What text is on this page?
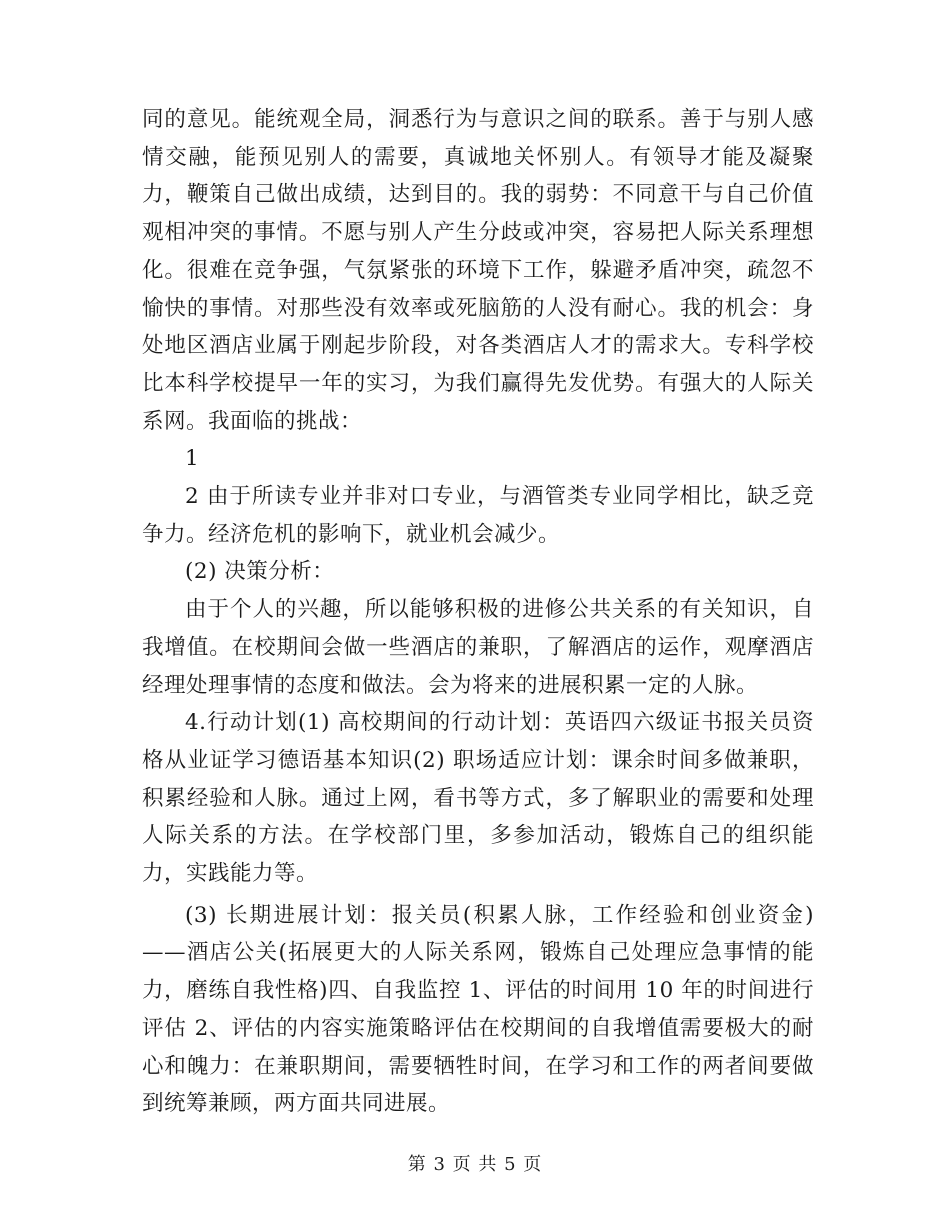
同的意见。能统观全局，洞悉行为与意识之间的联系。善于与别人感情交融，能预见别人的需要，真诚地关怀别人。有领导才能及凝聚力，鞭策自己做出成绩，达到目的。我的弱势：不同意干与自己价值观相冲突的事情。不愿与别人产生分歧或冲突，容易把人际关系理想化。很难在竞争强，气氛紧张的环境下工作，躲避矛盾冲突，疏忽不愉快的事情。对那些没有效率或死脑筋的人没有耐心。我的机会：身处地区酒店业属于刚起步阶段，对各类酒店人才的需求大。专科学校比本科学校提早一年的实习，为我们赢得先发优势。有强大的人际关系网。我面临的挑战：

1

2 由于所读专业并非对口专业，与酒管类专业同学相比，缺乏竞争力。经济危机的影响下，就业机会减少。

(2) 决策分析：

由于个人的兴趣，所以能够积极的进修公共关系的有关知识，自我增值。在校期间会做一些酒店的兼职，了解酒店的运作，观摩酒店经理处理事情的态度和做法。会为将来的进展积累一定的人脉。

4.行动计划(1) 高校期间的行动计划：英语四六级证书报关员资格从业证学习德语基本知识(2) 职场适应计划：课余时间多做兼职，积累经验和人脉。通过上网，看书等方式，多了解职业的需要和处理人际关系的方法。在学校部门里，多参加活动，锻炼自己的组织能力，实践能力等。

(3) 长期进展计划：报关员(积累人脉，工作经验和创业资金)——酒店公关(拓展更大的人际关系网，锻炼自己处理应急事情的能力，磨练自我性格)四、自我监控 1、评估的时间用 10 年的时间进行评估 2、评估的内容实施策略评估在校期间的自我增值需要极大的耐心和魄力：在兼职期间，需要牺牲时间，在学习和工作的两者间要做到统筹兼顾，两方面共同进展。

第 3 页 共 5 页
